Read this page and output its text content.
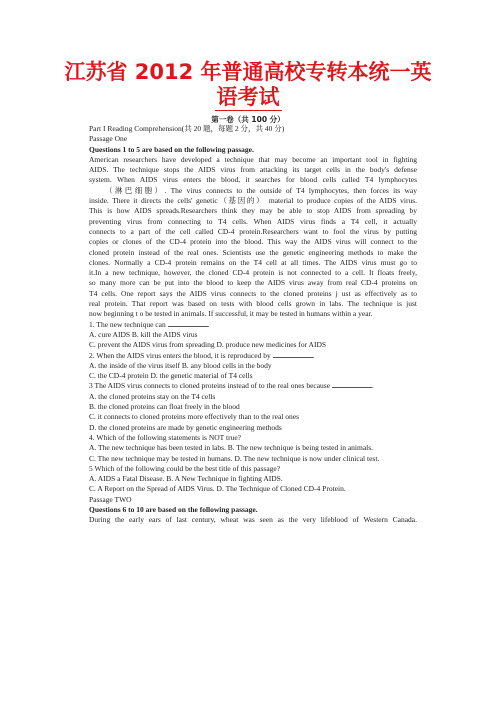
江苏省 2012 年普通高校专转本统一英
语考试
第一卷（共 100 分）
Part I Reading Comprehension(共 20 题，每题 2 分，共 40 分)
Passage One
Questions 1 to 5 are based on the following passage.
American researchers have developed a technique that may become an important tool in fighting
AIDS. The technique stops the AIDS virus from attacking its target cells in the body's defense
system. When AIDS virus enters the blood, it searches for blood cells called T4 lymphocytes
（淋巴细胞）. The virus connects to the outside of T4 lymphocytes, then forces its way
inside. There it directs the cells' genetic（基因的） material to produce copies of the AIDS virus.
This is how AIDS spreads.Researchers think they may be able to stop AIDS from spreading by
preventing virus from connecting to T4 cells. When AIDS virus finds a T4 cell, it actually
connects to a part of the cell called CD-4 protein.Researchers want to fool the virus by putting
copies or clones of the CD-4 protein into the blood. This way the AIDS virus will connect to the
cloned protein instead of the real ones. Scientists use the genetic engineering methods to make the
clones. Normally a CD-4 protein remains on the T4 cell at all times. The AIDS virus must go to
it.In a new technique, however, the cloned CD-4 protein is not connected to a cell. It floats freely,
so many more can be put into the blood to keep the AIDS virus away from real CD-4 proteins on
T4 cells. One report says the AIDS virus connects to the cloned proteins j ust as effectively as to
real protein. That report was based on tests with blood cells grown in labs. The technique is just
now beginning t o be tested in animals. If successful, it may be tested in humans within a year.
1. The new technique can	.
A. cure AIDS B. kill the AIDS virus
C. prevent the AIDS virus from spreading D. produce new medicines for AIDS
2. When the AIDS virus enters the blood, it is reproduced by	.
A. the inside of the virus itself B. any blood cells in the body
C. the CD-4 protein D. the genetic material of T4 cells
3 The AIDS virus connects to cloned proteins instead of to the real ones because	.
A. the cloned proteins stay on the T4 cells
B. the cloned proteins can float freely in the blood
C. it connects to cloned proteins more effectively than to the real ones
D. the cloned proteins are made by genetic engineering methods
4. Which of the following statements is NOT true?
A. The new technique has been tested in labs. B. The new technique is being tested in animals.
C. The new technique may be tested in humans. D. The new technique is now under clinical test.
5 Which of the following could be the best title of this passage?
A. AIDS a Fatal Disease. B. A New Technique in fighting AIDS.
C. A Report on the Spread of AIDS Virus. D. The Technique of Cloned CD-4 Protein.
Passage TWO
Questions 6 to 10 are based on the following passage.
During the early ears of last century, wheat was seen as the very lifeblood of Western Canada.
